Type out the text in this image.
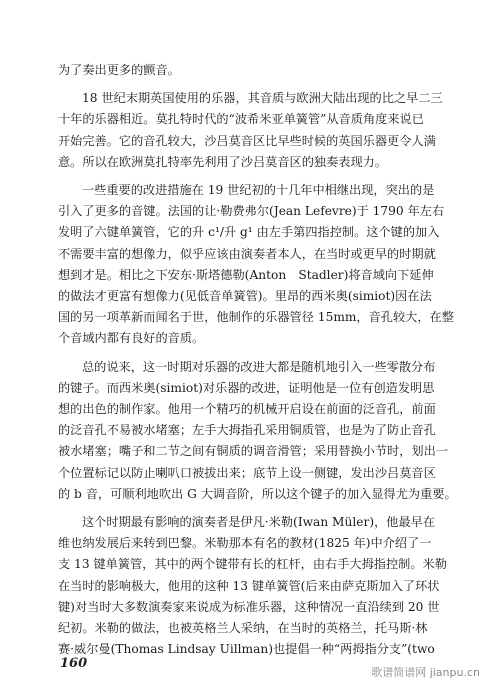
为了奏出更多的颤音。

18 世纪末期英国使用的乐器，其音质与欧洲大陆出现的比之早二三

十年的乐器相近。莫扎特时代的“波希米亚单簧管”从音质角度来说已

开始完善。它的音孔较大，沙吕莫音区比早些时候的英国乐器更令人满

意。所以在欧洲莫扎特率先利用了沙吕莫音区的独奏表现力。

一些重要的改进措施在 19 世纪初的十几年中相继出现，突出的是

引入了更多的音键。法国的让·勒费弗尔(Jean Lefevre)于 1790 年左右

发明了六键单簧管，它的升 c¹/升 g¹ 由左手第四指控制。这个键的加入

不需要丰富的想像力，似乎应该由演奏者本人，在当时或更早的时期就

想到才是。相比之下安东·斯塔德勒(Anton　Stadler)将音域向下延伸

的做法才更富有想像力(见低音单簧管)。里昂的西米奥(simiot)因在法

国的另一项革新而闻名于世，他制作的乐器管径 15mm，音孔较大，在整

个音域内都有良好的音质。

总的说来，这一时期对乐器的改进大都是随机地引入一些零散分布

的键子。而西米奥(simiot)对乐器的改进，证明他是一位有创造发明思

想的出色的制作家。他用一个精巧的机械开启设在前面的泛音孔，前面

的泛音孔不易被水堵塞；左手大拇指孔采用铜质管，也是为了防止音孔

被水堵塞；嘴子和二节之间有铜质的调音滑管；采用替换小节时，划出一

个位置标记以防止喇叭口被拔出来；底节上设一侧键，发出沙吕莫音区

的 b 音，可顺利地吹出 G 大调音阶，所以这个键子的加入显得尤为重要。

这个时期最有影响的演奏者是伊凡·米勒(Iwan Müler)，他最早在

维也纳发展后来转到巴黎。米勒那本有名的教材(1825 年)中介绍了一

支 13 键单簧管，其中的两个键带有长的杠杆，由右手大拇指控制。米勒

在当时的影响极大，他用的这种 13 键单簧管(后来由萨克斯加入了环状

键)对当时大多数演奏家来说成为标准乐器，这种情况一直沿续到 20 世

纪初。米勒的做法，也被英格兰人采纳，在当时的英格兰，托马斯·林

赛·威尔曼(Thomas Lindsay Uillman)也提倡一种“两拇指分支”(two

160
歌谱简谱网 jianpu.cn
